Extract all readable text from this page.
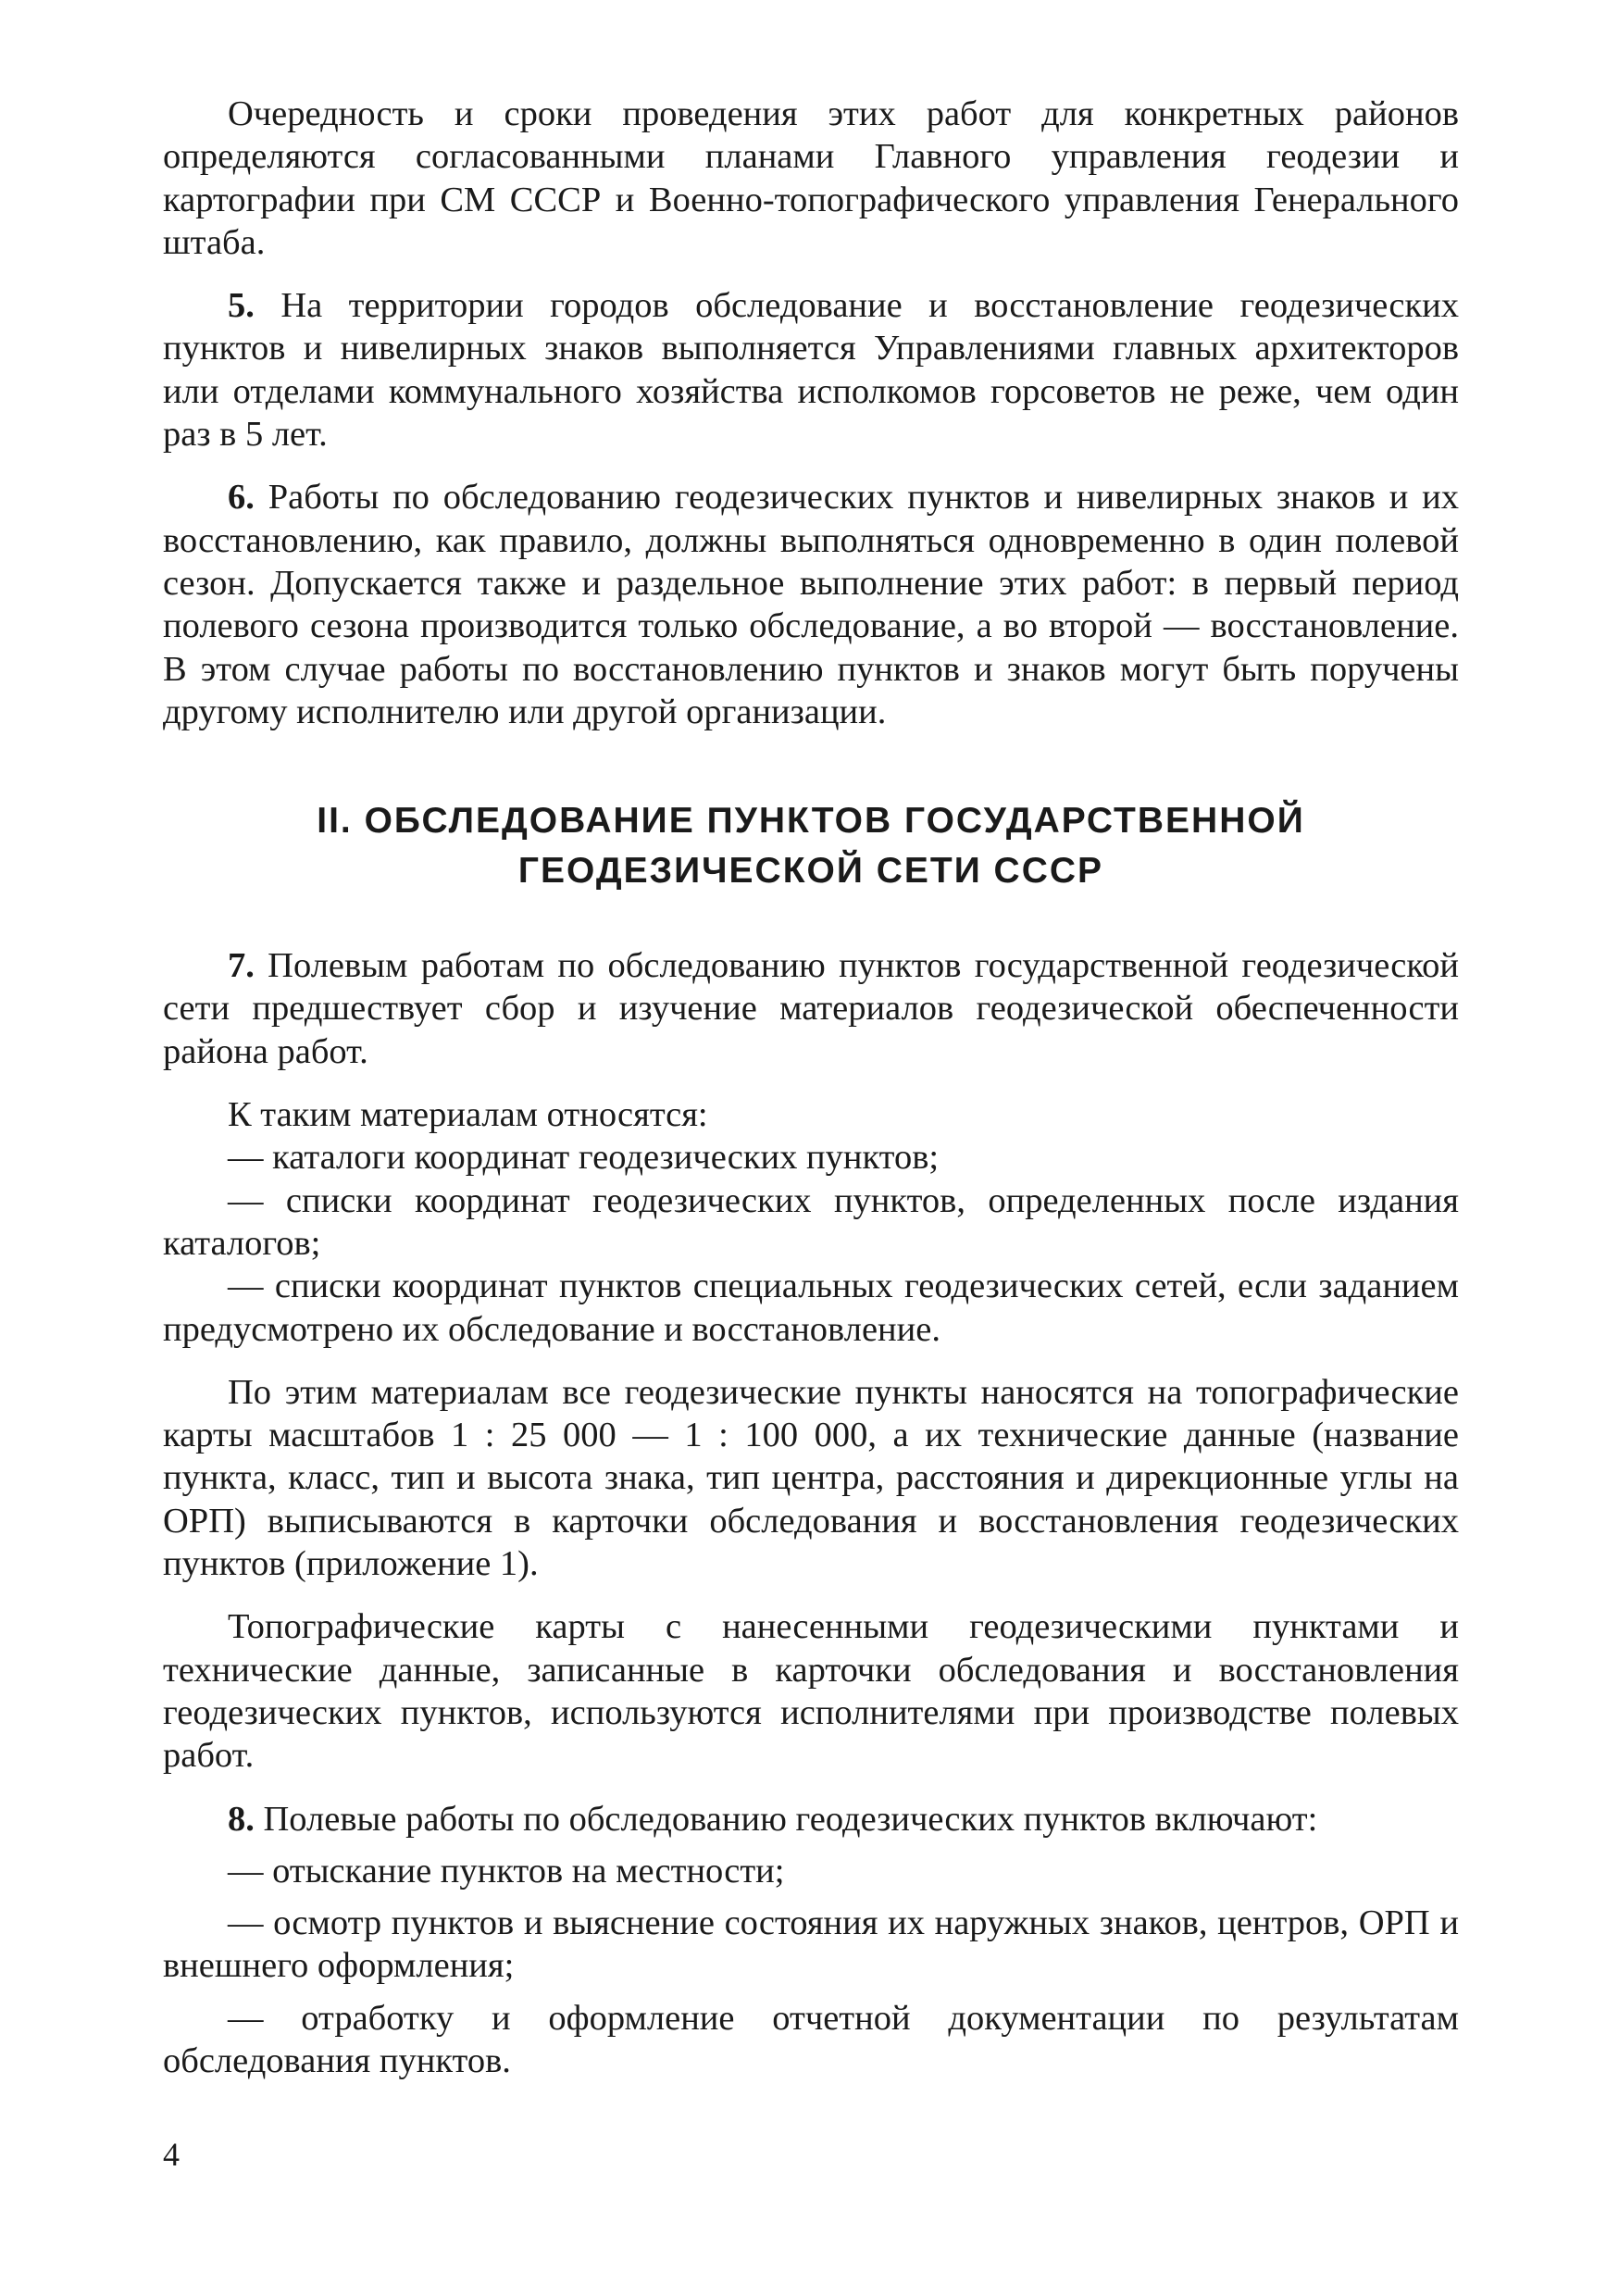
Очередность и сроки проведения этих работ для конкретных районов определяются согласованными планами Главного управления геодезии и картографии при СМ СССР и Военно-топографического управления Генерального штаба.

5. На территории городов обследование и восстановление геодезических пунктов и нивелирных знаков выполняется Управлениями главных архитекторов или отделами коммунального хозяйства исполкомов горсоветов не реже, чем один раз в 5 лет.

6. Работы по обследованию геодезических пунктов и нивелирных знаков и их восстановлению, как правило, должны выполняться одновременно в один полевой сезон. Допускается также и раздельное выполнение этих работ: в первый период полевого сезона производится только обследование, а во второй — восстановление. В этом случае работы по восстановлению пунктов и знаков могут быть поручены другому исполнителю или другой организации.

II. ОБСЛЕДОВАНИЕ ПУНКТОВ ГОСУДАРСТВЕННОЙ
ГЕОДЕЗИЧЕСКОЙ СЕТИ СССР

7. Полевым работам по обследованию пунктов государственной геодезической сети предшествует сбор и изучение материалов геодезической обеспеченности района работ.

К таким материалам относятся:

— каталоги координат геодезических пунктов;

— списки координат геодезических пунктов, определенных после издания каталогов;

— списки координат пунктов специальных геодезических сетей, если заданием предусмотрено их обследование и восстановление.

По этим материалам все геодезические пункты наносятся на топографические карты масштабов 1 : 25 000 — 1 : 100 000, а их технические данные (название пункта, класс, тип и высота знака, тип центра, расстояния и дирекционные углы на ОРП) выписываются в карточки обследования и восстановления геодезических пунктов (приложение 1).

Топографические карты с нанесенными геодезическими пунктами и технические данные, записанные в карточки обследования и восстановления геодезических пунктов, используются исполнителями при производстве полевых работ.

8. Полевые работы по обследованию геодезических пунктов включают:

— отыскание пунктов на местности;

— осмотр пунктов и выяснение состояния их наружных знаков, центров, ОРП и внешнего оформления;

— отработку и оформление отчетной документации по результатам обследования пунктов.

4
